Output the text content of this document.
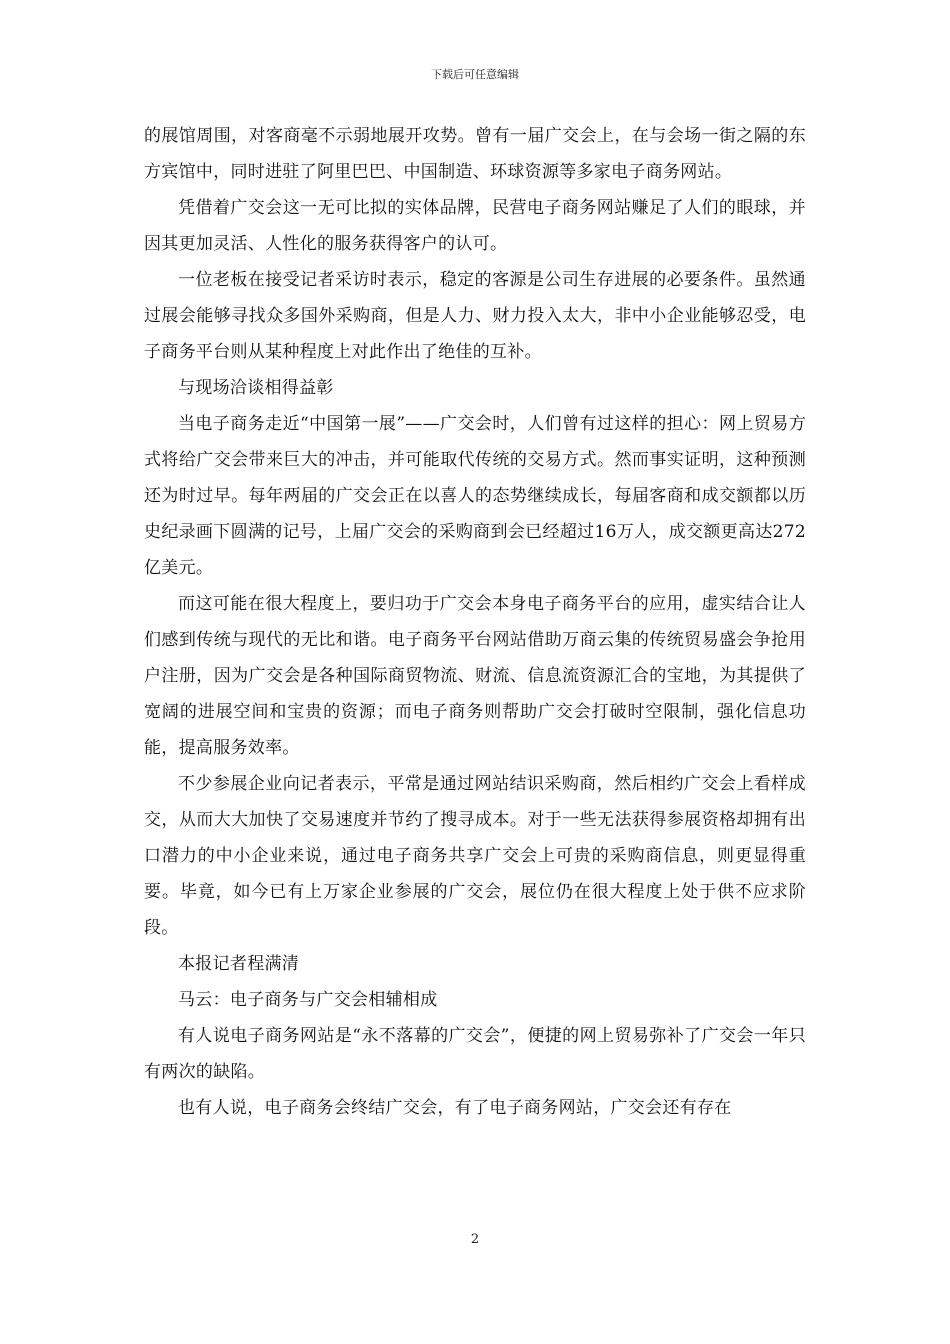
下载后可任意编辑

的展馆周围，对客商毫不示弱地展开攻势。曾有一届广交会上，在与会场一街之隔的东方宾馆中，同时进驻了阿里巴巴、中国制造、环球资源等多家电子商务网站。

凭借着广交会这一无可比拟的实体品牌，民营电子商务网站赚足了人们的眼球，并因其更加灵活、人性化的服务获得客户的认可。

一位老板在接受记者采访时表示，稳定的客源是公司生存进展的必要条件。虽然通过展会能够寻找众多国外采购商，但是人力、财力投入太大，非中小企业能够忍受，电子商务平台则从某种程度上对此作出了绝佳的互补。

与现场洽谈相得益彰

当电子商务走近“中国第一展”——广交会时，人们曾有过这样的担心：网上贸易方式将给广交会带来巨大的冲击，并可能取代传统的交易方式。然而事实证明，这种预测还为时过早。每年两届的广交会正在以喜人的态势继续成长，每届客商和成交额都以历史纪录画下圆满的记号，上届广交会的采购商到会已经超过16万人，成交额更高达272亿美元。

而这可能在很大程度上，要归功于广交会本身电子商务平台的应用，虚实结合让人们感到传统与现代的无比和谐。电子商务平台网站借助万商云集的传统贸易盛会争抢用户注册，因为广交会是各种国际商贸物流、财流、信息流资源汇合的宝地，为其提供了宽阔的进展空间和宝贵的资源；而电子商务则帮助广交会打破时空限制，强化信息功能，提高服务效率。

不少参展企业向记者表示，平常是通过网站结识采购商，然后相约广交会上看样成交，从而大大加快了交易速度并节约了搜寻成本。对于一些无法获得参展资格却拥有出口潜力的中小企业来说，通过电子商务共享广交会上可贵的采购商信息，则更显得重要。毕竟，如今已有上万家企业参展的广交会，展位仍在很大程度上处于供不应求阶段。

本报记者程满清

马云：电子商务与广交会相辅相成

有人说电子商务网站是“永不落幕的广交会”，便捷的网上贸易弥补了广交会一年只有两次的缺陷。

也有人说，电子商务会终结广交会，有了电子商务网站，广交会还有存在

2
